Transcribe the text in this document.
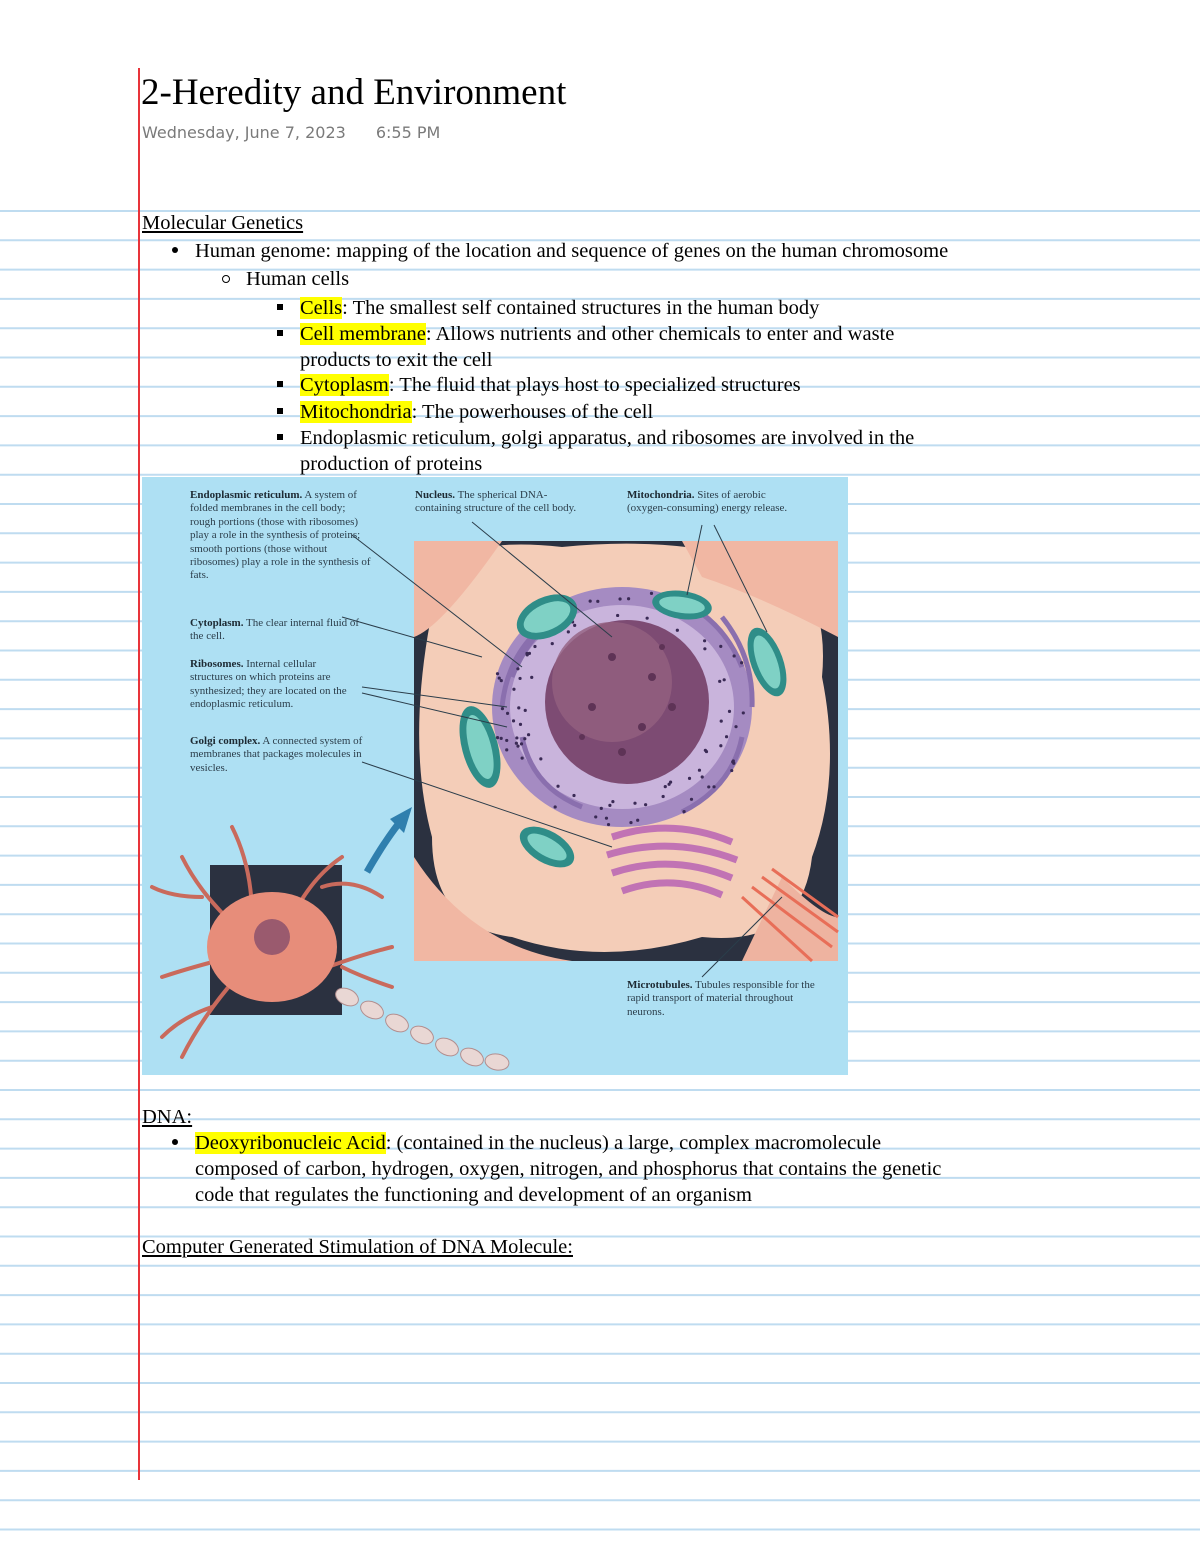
2-Heredity and Environment
Wednesday, June 7, 2023 6:55 PM
Molecular Genetics
Human genome: mapping of the location and sequence of genes on the human chromosome
Human cells
Cells: The smallest self contained structures in the human body
Cell membrane: Allows nutrients and other chemicals to enter and waste
products to exit the cell
Cytoplasm: The fluid that plays host to specialized structures
Mitochondria: The powerhouses of the cell
Endoplasmic reticulum, golgi apparatus, and ribosomes are involved in the
production of proteins
Endoplasmic reticulum. A system of folded membranes in the cell body; rough portions (those with ribosomes) play a role in the synthesis of proteins; smooth portions (those without ribosomes) play a role in the synthesis of fats.
Nucleus. The spherical DNA-containing structure of the cell body.
Mitochondria. Sites of aerobic (oxygen-consuming) energy release.
Cytoplasm. The clear internal fluid of the cell.
Ribosomes. Internal cellular structures on which proteins are synthesized; they are located on the endoplasmic reticulum.
Golgi complex. A connected system of membranes that packages molecules in vesicles.
Microtubules. Tubules responsible for the rapid transport of material throughout neurons.
DNA:
Deoxyribonucleic Acid: (contained in the nucleus) a large, complex macromolecule
composed of carbon, hydrogen, oxygen, nitrogen, and phosphorus that contains the genetic
code that regulates the functioning and development of an organism
Computer Generated Stimulation of DNA Molecule:
